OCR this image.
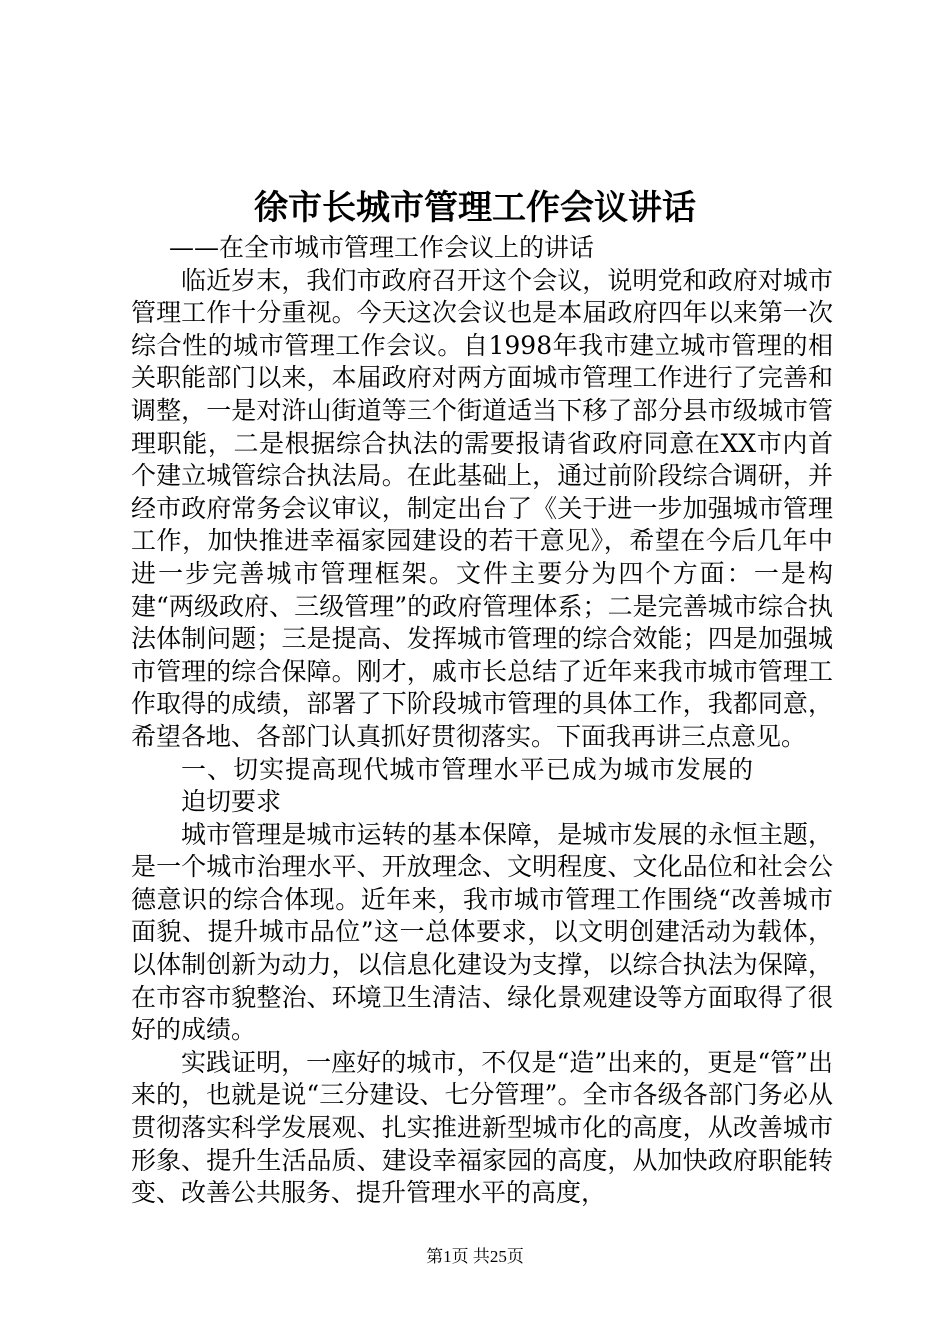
徐市长城市管理工作会议讲话

——在全市城市管理工作会议上的讲话

临近岁末，我们市政府召开这个会议，说明党和政府对城市管理工作十分重视。今天这次会议也是本届政府四年以来第一次综合性的城市管理工作会议。自1998年我市建立城市管理的相关职能部门以来，本届政府对两方面城市管理工作进行了完善和调整，一是对浒山街道等三个街道适当下移了部分县市级城市管理职能，二是根据综合执法的需要报请省政府同意在XX市内首个建立城管综合执法局。在此基础上，通过前阶段综合调研，并经市政府常务会议审议，制定出台了《关于进一步加强城市管理工作，加快推进幸福家园建设的若干意见》，希望在今后几年中进一步完善城市管理框架。文件主要分为四个方面：一是构建“两级政府、三级管理”的政府管理体系；二是完善城市综合执法体制问题；三是提高、发挥城市管理的综合效能；四是加强城市管理的综合保障。刚才，戚市长总结了近年来我市城市管理工作取得的成绩，部署了下阶段城市管理的具体工作，我都同意，希望各地、各部门认真抓好贯彻落实。下面我再讲三点意见。

一、切实提高现代城市管理水平已成为城市发展的迫切要求

城市管理是城市运转的基本保障，是城市发展的永恒主题，是一个城市治理水平、开放理念、文明程度、文化品位和社会公德意识的综合体现。近年来，我市城市管理工作围绕“改善城市面貌、提升城市品位”这一总体要求，以文明创建活动为载体，以体制创新为动力，以信息化建设为支撑，以综合执法为保障，在市容市貌整治、环境卫生清洁、绿化景观建设等方面取得了很好的成绩。

实践证明，一座好的城市，不仅是“造”出来的，更是“管”出来的，也就是说“三分建设、七分管理”。全市各级各部门务必从贯彻落实科学发展观、扎实推进新型城市化的高度，从改善城市形象、提升生活品质、建设幸福家园的高度，从加快政府职能转变、改善公共服务、提升管理水平的高度，

第1页 共25页
